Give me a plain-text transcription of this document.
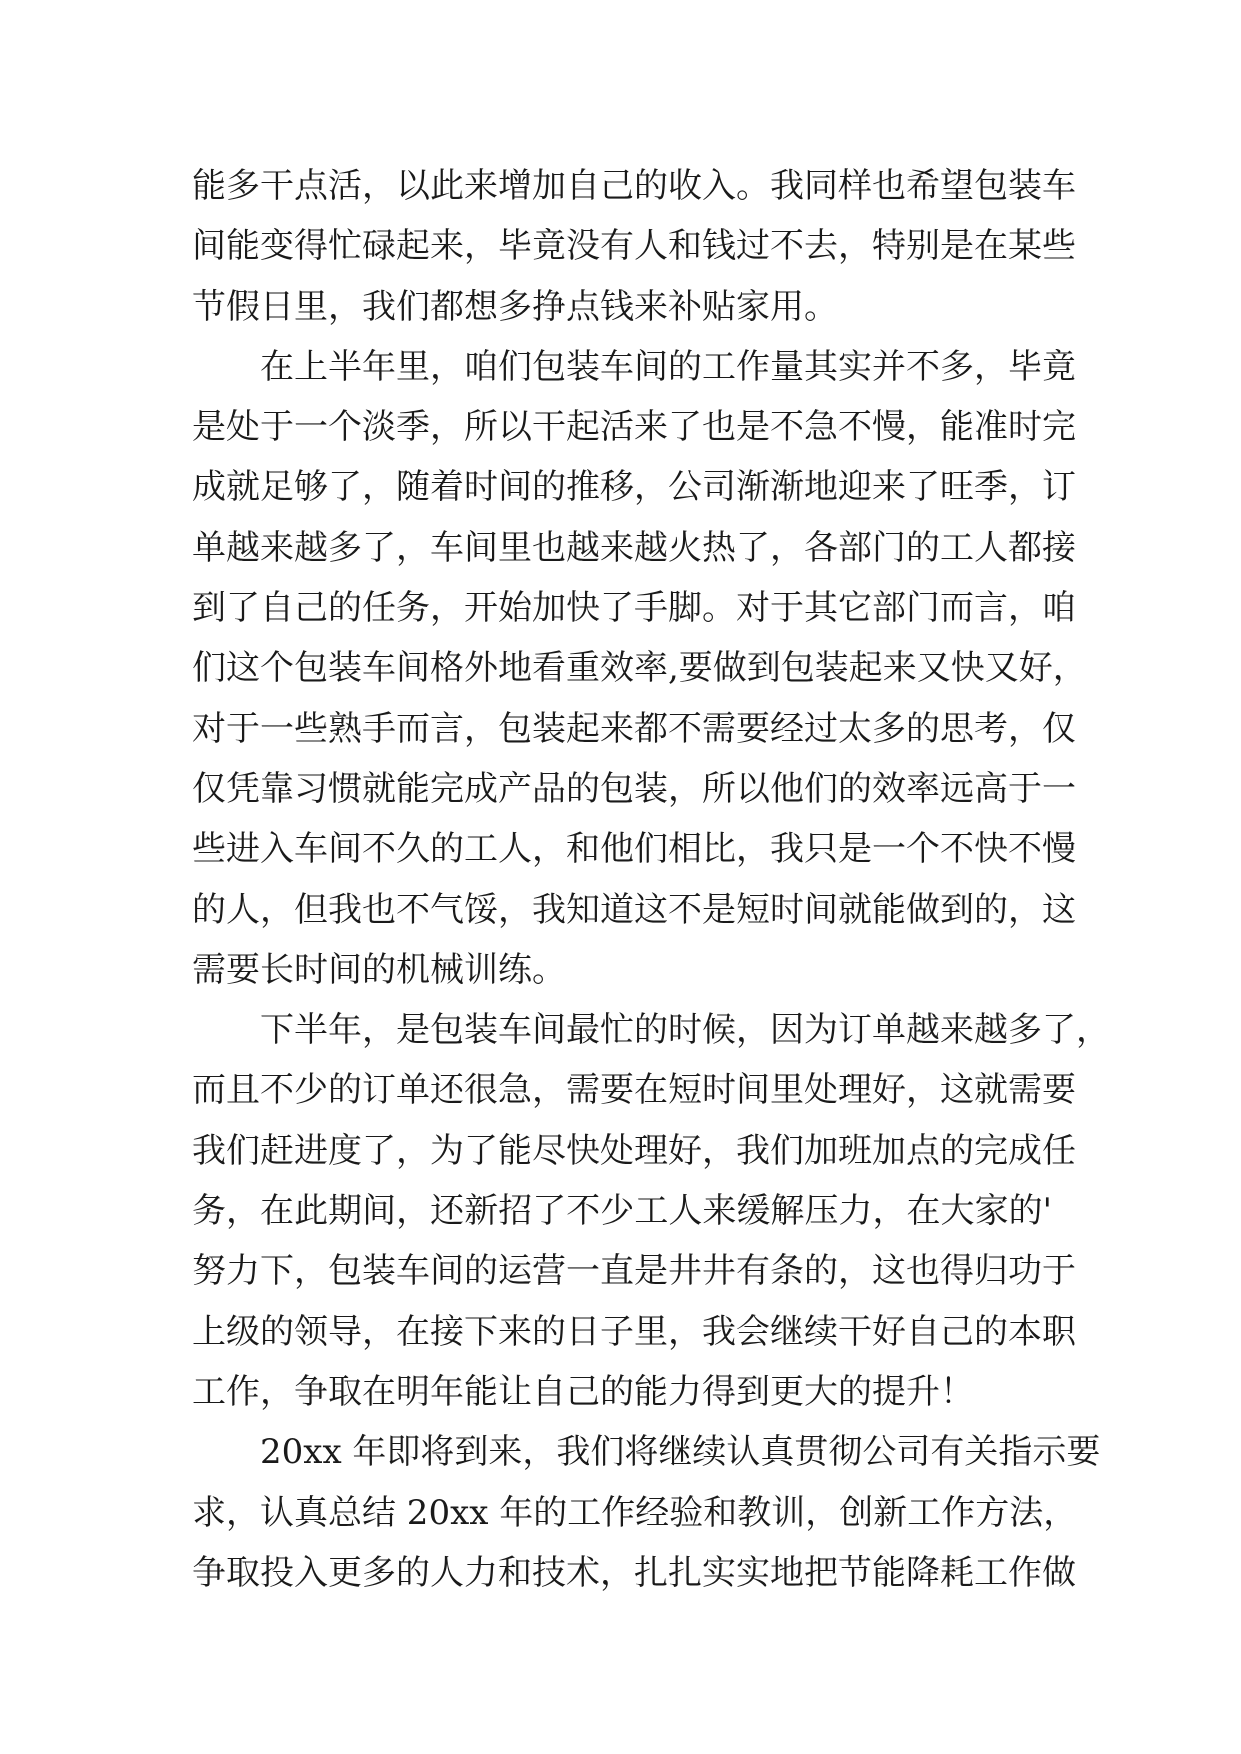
能多干点活，以此来增加自己的收入。我同样也希望包装车
间能变得忙碌起来，毕竟没有人和钱过不去，特别是在某些
节假日里，我们都想多挣点钱来补贴家用。
在上半年里，咱们包装车间的工作量其实并不多，毕竟
是处于一个淡季，所以干起活来了也是不急不慢，能准时完
成就足够了，随着时间的推移，公司渐渐地迎来了旺季，订
单越来越多了，车间里也越来越火热了，各部门的工人都接
到了自己的任务，开始加快了手脚。对于其它部门而言，咱
们这个包装车间格外地看重效率,要做到包装起来又快又好，
对于一些熟手而言，包装起来都不需要经过太多的思考，仅
仅凭靠习惯就能完成产品的包装，所以他们的效率远高于一
些进入车间不久的工人，和他们相比，我只是一个不快不慢
的人，但我也不气馁，我知道这不是短时间就能做到的，这
需要长时间的机械训练。
下半年，是包装车间最忙的时候，因为订单越来越多了，
而且不少的订单还很急，需要在短时间里处理好，这就需要
我们赶进度了，为了能尽快处理好，我们加班加点的完成任
务，在此期间，还新招了不少工人来缓解压力，在大家的'
努力下，包装车间的运营一直是井井有条的，这也得归功于
上级的领导，在接下来的日子里，我会继续干好自己的本职
工作，争取在明年能让自己的能力得到更大的提升！
20xx 年即将到来，我们将继续认真贯彻公司有关指示要
求，认真总结 20xx 年的工作经验和教训，创新工作方法，
争取投入更多的人力和技术，扎扎实实地把节能降耗工作做
